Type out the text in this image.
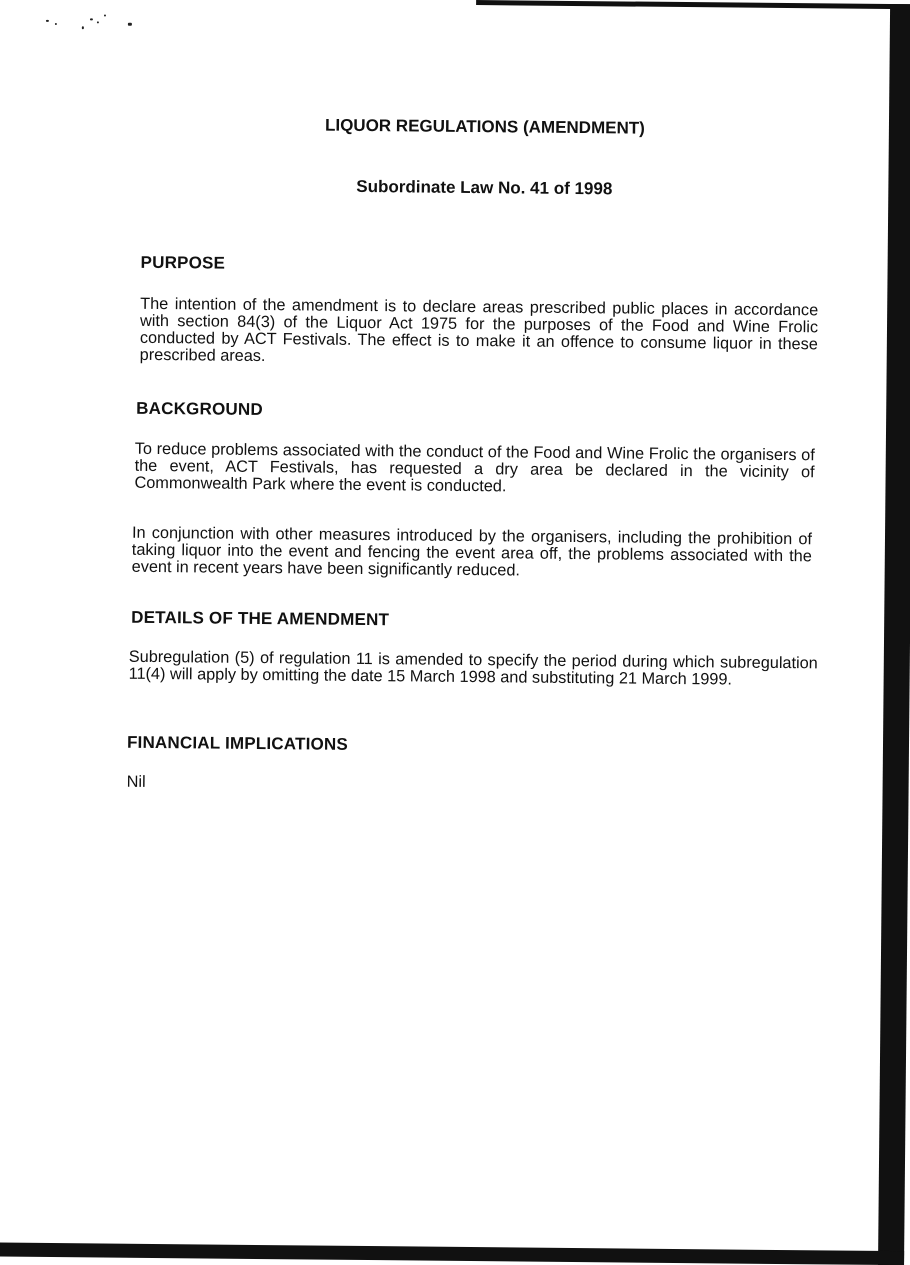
LIQUOR REGULATIONS (AMENDMENT)
Subordinate Law No. 41 of 1998
PURPOSE

The intention of the amendment is to declare areas prescribed public places in accordance with section 84(3) of the Liquor Act 1975 for the purposes of the Food and Wine Frolic conducted by ACT Festivals. The effect is to make it an offence to consume liquor in these prescribed areas.

BACKGROUND

To reduce problems associated with the conduct of the Food and Wine Frolic the organisers of the event, ACT Festivals, has requested a dry area be declared in the vicinity of Commonwealth Park where the event is conducted.

In conjunction with other measures introduced by the organisers, including the prohibition of taking liquor into the event and fencing the event area off, the problems associated with the event in recent years have been significantly reduced.

DETAILS OF THE AMENDMENT

Subregulation (5) of regulation 11 is amended to specify the period during which subregulation 11(4) will apply by omitting the date 15 March 1998 and substituting 21 March 1999.

FINANCIAL IMPLICATIONS

Nil
